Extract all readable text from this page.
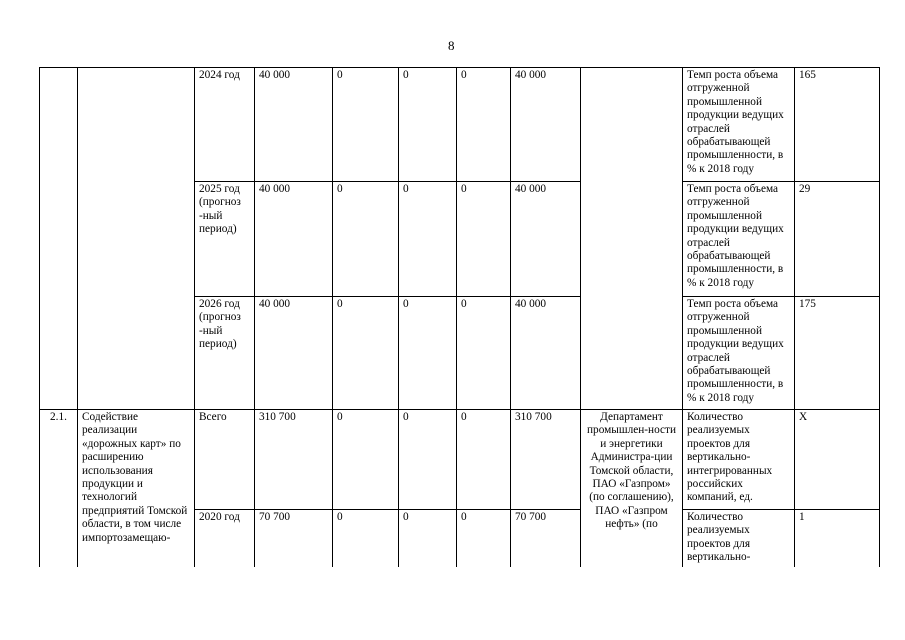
8
		2024 год	40 000	0	0	0	40 000		Темп роста объема отгруженной промышленной продукции ведущих отраслей обрабатывающей промышленности, в % к 2018 году	165
		2025 год (прогноз -ный период)	40 000	0	0	0	40 000		Темп роста объема отгруженной промышленной продукции ведущих отраслей обрабатывающей промышленности, в % к 2018 году	29
		2026 год (прогноз -ный период)	40 000	0	0	0	40 000		Темп роста объема отгруженной промышленной продукции ведущих отраслей обрабатывающей промышленности, в % к 2018 году	175
2.1.	Содействие реализации «дорожных карт» по расширению использования продукции и технологий предприятий Томской области, в том числе импортозамещаю-	Всего	310 700	0	0	0	310 700	Департамент промышлен-ности и энергетики Администра-ции Томской области, ПАО «Газпром» (по соглашению), ПАО «Газпром нефть» (по	Количество реализуемых проектов для вертикально-интегрированных российских компаний, ед.	Х
		2020 год	70 700	0	0	0	70 700		Количество реализуемых проектов для вертикально-	1
